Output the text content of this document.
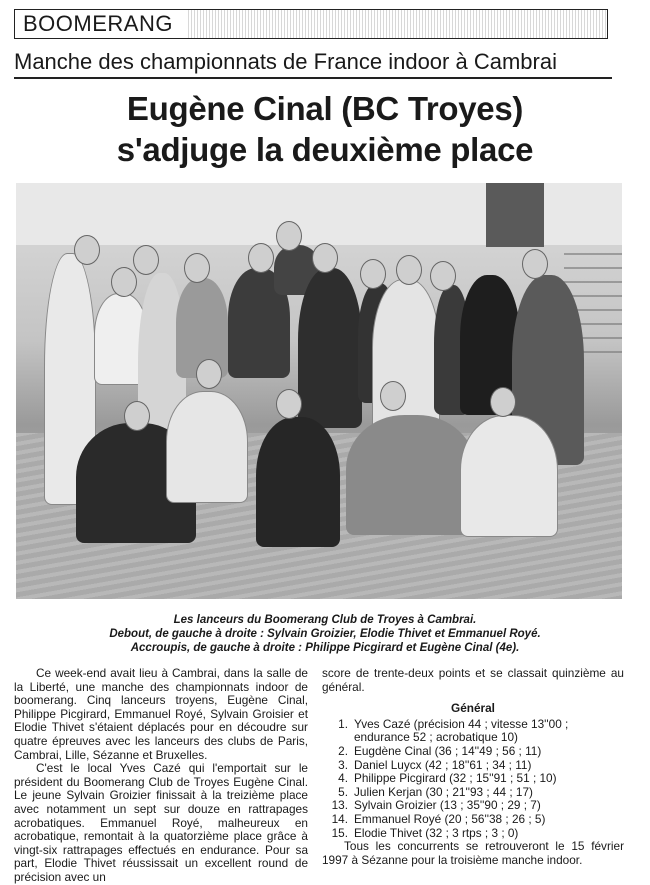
BOOMERANG
Manche des championnats de France indoor à Cambrai
Eugène Cinal (BC Troyes)
s'adjuge la deuxième place
Les lanceurs du Boomerang Club de Troyes à Cambrai.
Debout, de gauche à droite : Sylvain Groizier, Elodie Thivet et Emmanuel Royé.
Accroupis, de gauche à droite : Philippe Picgirard et Eugène Cinal (4e).

Ce week-end avait lieu à Cambrai, dans la salle de la Liberté, une manche des championnats indoor de boomerang. Cinq lanceurs troyens, Eugène Cinal, Philippe Picgirard, Emmanuel Royé, Sylvain Groisier et Elodie Thivet s'étaient déplacés pour en découdre sur quatre épreuves avec les lanceurs des clubs de Paris, Cambrai, Lille, Sézanne et Bruxelles.

C'est le local Yves Cazé qui l'emportait sur le président du Boomerang Club de Troyes Eugène Cinal. Le jeune Sylvain Groizier finissait à la treizième place avec notamment un sept sur douze en rattrapages acrobatiques. Emmanuel Royé, malheureux en acrobatique, remontait à la quatorzième place grâce à vingt-six rattrapages effectués en endurance. Pour sa part, Elodie Thivet réussissait un excellent round de précision avec un

score de trente-deux points et se classait quinzième au général.

Général
1. Yves Cazé (précision 44 ; vitesse 13''00 ; endurance 52 ; acrobatique 10)
2. Eugdène Cinal (36 ; 14''49 ; 56 ; 11)
3. Daniel Luycx (42 ; 18''61 ; 34 ; 11)
4. Philippe Picgirard (32 ; 15''91 ; 51 ; 10)
5. Julien Kerjan (30 ; 21''93 ; 44 ; 17)
13. Sylvain Groizier (13 ; 35''90 ; 29 ; 7)
14. Emmanuel Royé (20 ; 56''38 ; 26 ; 5)
15. Elodie Thivet (32 ; 3 rtps ; 3 ; 0)

Tous les concurrents se retrouveront le 15 février 1997 à Sézanne pour la troisième manche indoor.
